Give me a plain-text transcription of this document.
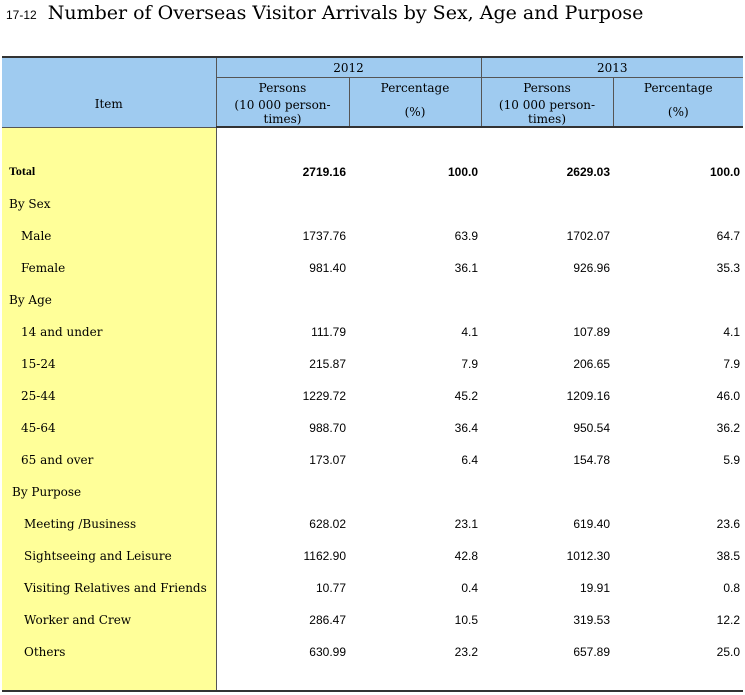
17-12 Number of Overseas Visitor Arrivals by Sex, Age and Purpose
Item	2012		2013	
	Persons	Percentage	Persons	Percentage
	(10 000 person-times)	(%)	(10 000 person-times)	(%)

Total	2719.16	100.0	2629.03	100.0
By Sex				
Male	1737.76	63.9	1702.07	64.7
Female	981.40	36.1	926.96	35.3
By Age				
14 and under	111.79	4.1	107.89	4.1
15-24	215.87	7.9	206.65	7.9
25-44	1229.72	45.2	1209.16	46.0
45-64	988.70	36.4	950.54	36.2
65 and over	173.07	6.4	154.78	5.9
By Purpose				
Meeting /Business	628.02	23.1	619.40	23.6
Sightseeing and Leisure	1162.90	42.8	1012.30	38.5
Visiting Relatives and Friends	10.77	0.4	19.91	0.8
Worker and Crew	286.47	10.5	319.53	12.2
Others	630.99	23.2	657.89	25.0
